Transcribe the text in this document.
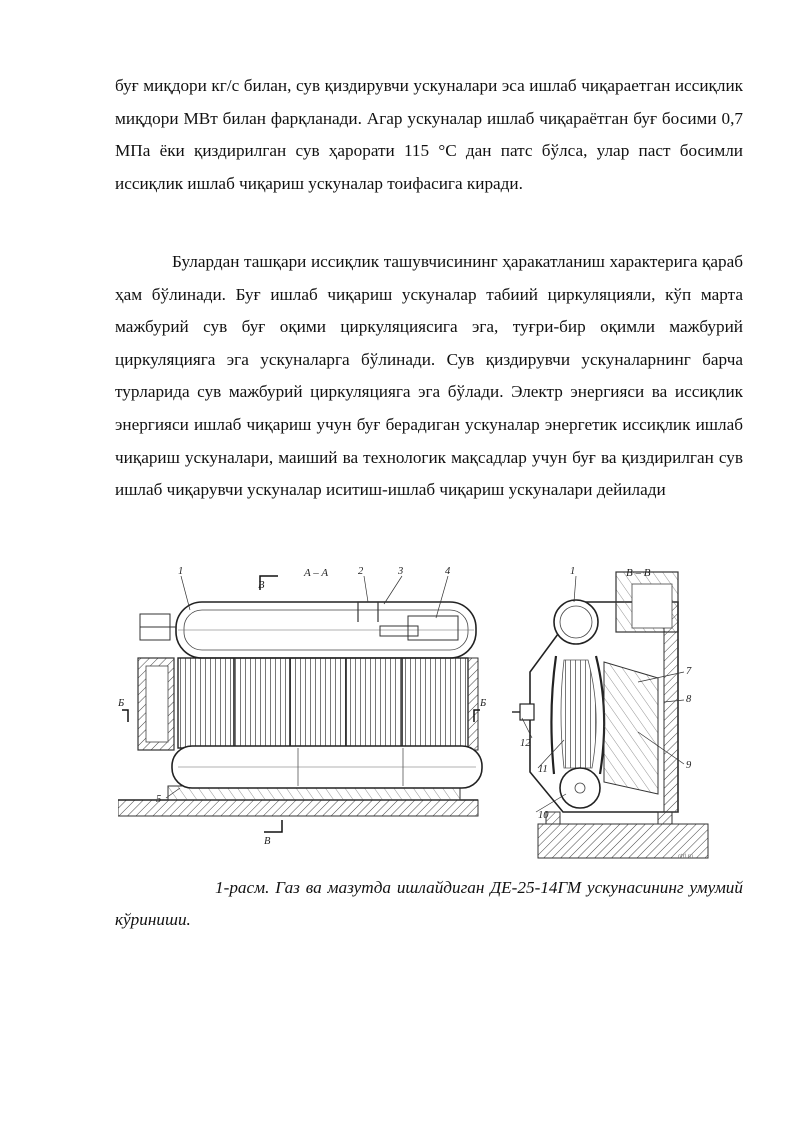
буғ миқдори кг/с билан, сув қиздирувчи ускуналари эса ишлаб чиқараетган иссиқлик миқдори МВт билан фарқланади. Агар ускуналар ишлаб чиқараётган буғ босими 0,7 МПа ёки қиздирилган сув ҳарорати 115 °С дан патс бўлса, улар паст босимли иссиқлик ишлаб чиқариш ускуналар тоифасига киради.

Булардан ташқари иссиқлик ташувчисининг ҳаракатланиш характерига қараб ҳам бўлинади. Буғ ишлаб чиқариш ускуналар табиий циркуляцияли, кўп марта мажбурий сув буғ оқими циркуляциясига эга, туғри-бир оқимли мажбурий циркуляцияга эга ускуналарга бўлинади. Сув қиздирувчи ускуналарнинг барча турларида сув мажбурий циркуляцияга эга бўлади. Электр энергияси ва иссиқлик энергияси ишлаб чиқариш учун буғ берадиган ускуналар энергетик иссиқлик ишлаб чиқариш ускуналари, маиший ва технологик мақсадлар учун буғ ва қиздирилган сув ишлаб чиқарувчи ускуналар иситиш-ишлаб чиқариш ускуналари дейилади

A – A
B
B
Б	Б
1	2	3	4
5
B – B
1
7
8
9
10
11
12
ctrl.ru

1-расм. Газ ва мазутда ишлайдиган ДЕ-25-14ГМ ускунасининг умумий кўриниши.
